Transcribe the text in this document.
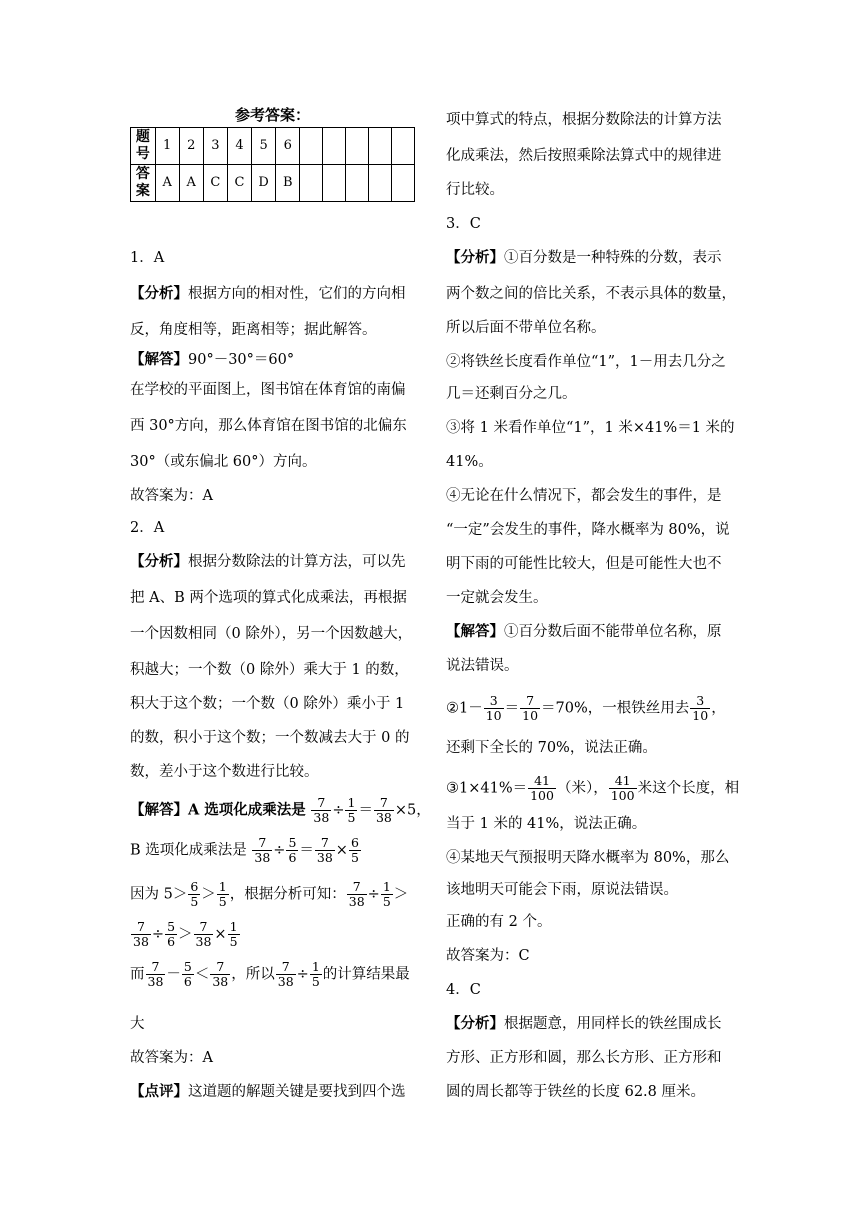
参考答案：
题号	1	2	3	4	5	6					
答案	A	A	C	C	D	B					
1．A
【分析】根据方向的相对性，它们的方向相
反，角度相等，距离相等；据此解答。
【解答】90°－30°＝60°
在学校的平面图上，图书馆在体育馆的南偏
西 30°方向，那么体育馆在图书馆的北偏东
30°（或东偏北 60°）方向。
故答案为：A
2．A
【分析】根据分数除法的计算方法，可以先
把 A、B 两个选项的算式化成乘法，再根据
一个因数相同（0 除外），另一个因数越大，
积越大；一个数（0 除外）乘大于 1 的数，
积大于这个数；一个数（0 除外）乘小于 1
的数，积小于这个数；一个数减去大于 0 的
数，差小于这个数进行比较。
【解答】A 选项化成乘法是 $\frac{7}{38} \div \frac{1}{5} = \frac{7}{38} \times 5$，
B 选项化成乘法是 $\frac{7}{38} \div \frac{5}{6} = \frac{7}{38} \times \frac{6}{5}$
因为 $5> \frac{6}{5} > \frac{1}{5}$ ，根据分析可知： $\frac{7}{38} \div \frac{1}{5}$ ＞
$\frac{7}{38} \div \frac{5}{6} > \frac{7}{38} \times \frac{1}{5}$
而 $\frac{7}{38} - \frac{5}{6} < \frac{7}{38}$ ，所以 $\frac{7}{38} \div \frac{1}{5}$ 的计算结果最
大
故答案为：A
【点评】这道题的解题关键是要找到四个选
项中算式的特点，根据分数除法的计算方法
化成乘法，然后按照乘除法算式中的规律进
行比较。
3．C
【分析】①百分数是一种特殊的分数，表示
两个数之间的倍比关系，不表示具体的数量，
所以后面不带单位名称。
②将铁丝长度看作单位“1”，1－用去几分之
几＝还剩百分之几。
③将 1 米看作单位“1”，1 米×41%＝1 米的
41%。
④无论在什么情况下，都会发生的事件，是
“一定”会发生的事件，降水概率为 80%，说
明下雨的可能性比较大，但是可能性大也不
一定就会发生。
【解答】①百分数后面不能带单位名称，原
说法错误。
②1－ $\frac{3}{10} = \frac{7}{10} =70\%$，一根铁丝用去 $\frac{3}{10}$ ，
还剩下全长的 70%，说法正确。
③1×41%＝ $\frac{41}{100}$ （米）， $\frac{41}{100}$ 米这个长度，相
当于 1 米的 41%，说法正确。
④某地天气预报明天降水概率为 80%，那么
该地明天可能会下雨，原说法错误。
正确的有 2 个。
故答案为：C
4．C
【分析】根据题意，用同样长的铁丝围成长
方形、正方形和圆，那么长方形、正方形和
圆的周长都等于铁丝的长度 62.8 厘米。
